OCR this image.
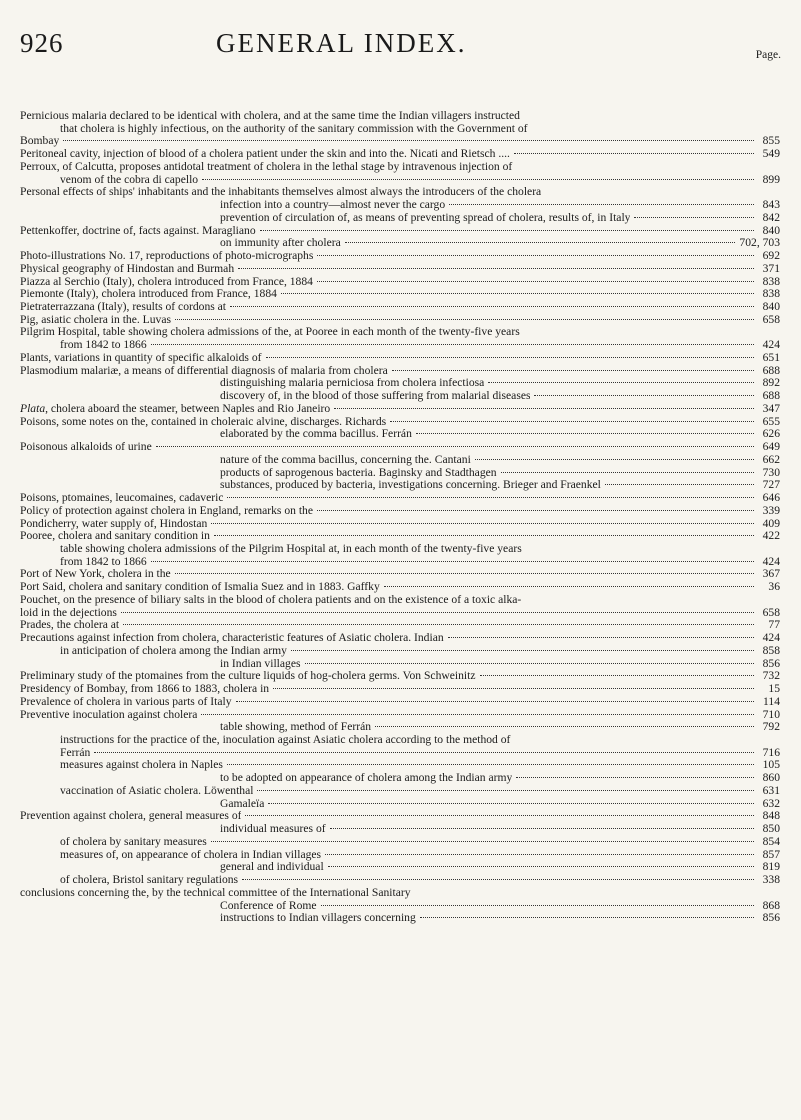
926	GENERAL INDEX.	Page.
Pernicious malaria declared to be identical with cholera, and at the same time the Indian villagers instructed
that cholera is highly infectious, on the authority of the sanitary commission with the Government of
Bombay	855
Peritoneal cavity, injection of blood of a cholera patient under the skin and into the. Nicati and Rietsch ....	549
Perroux, of Calcutta, proposes antidotal treatment of cholera in the lethal stage by intravenous injection of
venom of the cobra di capello	899
Personal effects of ships' inhabitants and the inhabitants themselves almost always the introducers of the cholera
infection into a country—almost never the cargo	843
prevention of circulation of, as means of preventing spread of cholera, results of, in Italy	842
Pettenkoffer, doctrine of, facts against. Maragliano	840
on immunity after cholera	702, 703
Photo-illustrations No. 17, reproductions of photo-micrographs	692
Physical geography of Hindostan and Burmah	371
Piazza al Serchio (Italy), cholera introduced from France, 1884	838
Piemonte (Italy), cholera introduced from France, 1884	838
Pietraterrazzana (Italy), results of cordons at	840
Pig, asiatic cholera in the. Luvas	658
Pilgrim Hospital, table showing cholera admissions of the, at Pooree in each month of the twenty-five years
from 1842 to 1866	424
Plants, variations in quantity of specific alkaloids of	651
Plasmodium malariæ, a means of differential diagnosis of malaria from cholera	688
distinguishing malaria perniciosa from cholera infectiosa	892
discovery of, in the blood of those suffering from malarial diseases	688
Plata, cholera aboard the steamer, between Naples and Rio Janeiro	347
Poisons, some notes on the, contained in choleraic alvine, discharges. Richards	655
elaborated by the comma bacillus. Ferrán	626
Poisonous alkaloids of urine	649
nature of the comma bacillus, concerning the. Cantani	662
products of saprogenous bacteria. Baginsky and Stadthagen	730
substances, produced by bacteria, investigations concerning. Brieger and Fraenkel	727
Poisons, ptomaines, leucomaines, cadaveric	646
Policy of protection against cholera in England, remarks on the	339
Pondicherry, water supply of, Hindostan	409
Pooree, cholera and sanitary condition in	422
table showing cholera admissions of the Pilgrim Hospital at, in each month of the twenty-five years
from 1842 to 1866	424
Port of New York, cholera in the	367
Port Said, cholera and sanitary condition of Ismalia Suez and in 1883. Gaffky	36
Pouchet, on the presence of biliary salts in the blood of cholera patients and on the existence of a toxic alka-
loid in the dejections	658
Prades, the cholera at	77
Precautions against infection from cholera, characteristic features of Asiatic cholera. Indian	424
in anticipation of cholera among the Indian army	858
in Indian villages	856
Preliminary study of the ptomaines from the culture liquids of hog-cholera germs. Von Schweinitz	732
Presidency of Bombay, from 1866 to 1883, cholera in	15
Prevalence of cholera in various parts of Italy	114
Preventive inoculation against cholera	710
table showing, method of Ferrán	792
instructions for the practice of the, inoculation against Asiatic cholera according to the method of
Ferrán	716
measures against cholera in Naples	105
to be adopted on appearance of cholera among the Indian army	860
vaccination of Asiatic cholera. Löwenthal	631
Gamaleïa	632
Prevention against cholera, general measures of	848
individual measures of	850
of cholera by sanitary measures	854
measures of, on appearance of cholera in Indian villages	857
general and individual	819
of cholera, Bristol sanitary regulations	338
conclusions concerning the, by the technical committee of the International Sanitary
Conference of Rome	868
instructions to Indian villagers concerning	856
